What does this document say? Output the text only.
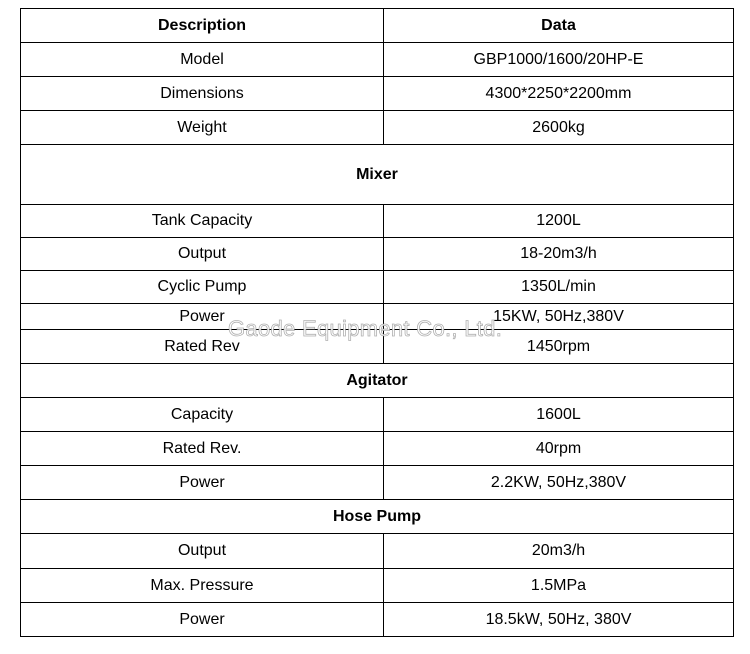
Description	Data
Model	GBP1000/1600/20HP-E
Dimensions	4300*2250*2200mm
Weight	2600kg
Mixer	
Tank Capacity	1200L
Output	18-20m3/h
Cyclic Pump	1350L/min
Power	15KW, 50Hz,380V
Rated Rev	1450rpm
Agitator	
Capacity	1600L
Rated Rev.	40rpm
Power	2.2KW, 50Hz,380V
Hose Pump	
Output	20m3/h
Max. Pressure	1.5MPa
Power	18.5kW, 50Hz, 380V
Gaode Equipment Co., Ltd.
